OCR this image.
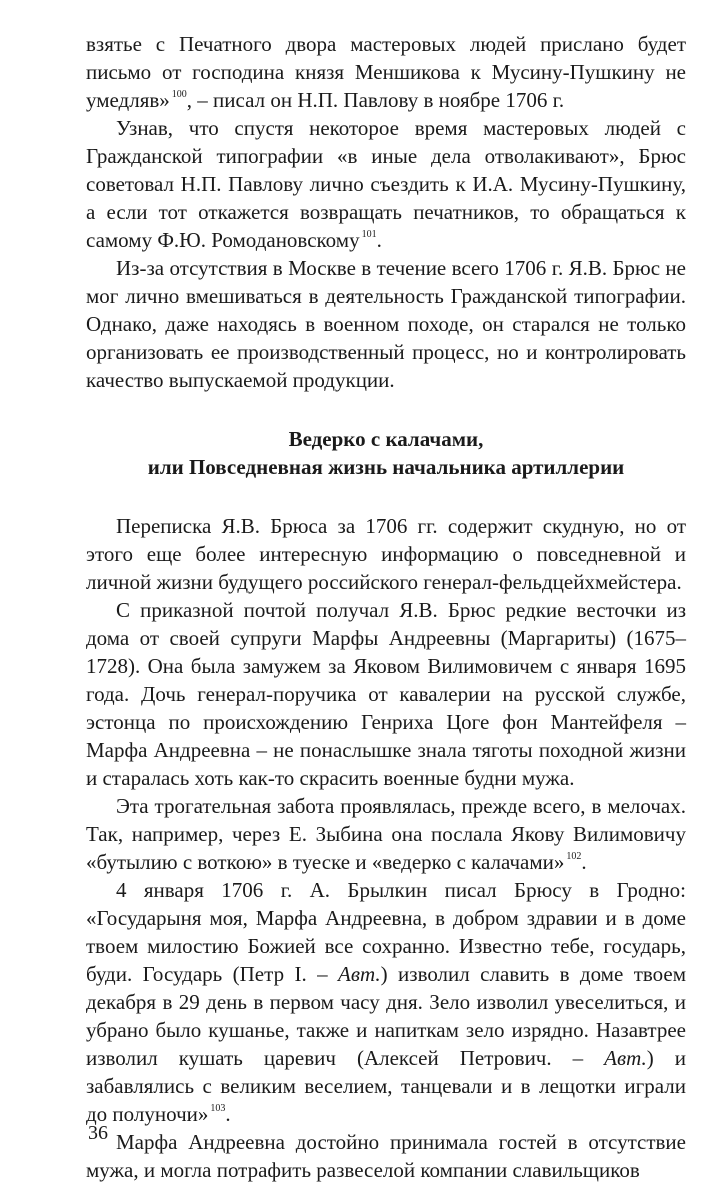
взятье с Печатного двора мастеровых людей прислано будет письмо от господина князя Меншикова к Мусину-Пушкину не умедляв» $^{100}$, – писал он Н.П. Павлову в ноябре 1706 г.

Узнав, что спустя некоторое время мастеровых людей с Гражданской типографии «в иные дела отволакивают», Брюс советовал Н.П. Павлову лично съездить к И.А. Мусину-Пушкину, а если тот откажется возвращать печатников, то обращаться к самому Ф.Ю. Ромодановскому $^{101}$.

Из-за отсутствия в Москве в течение всего 1706 г. Я.В. Брюс не мог лично вмешиваться в деятельность Гражданской типографии. Однако, даже находясь в военном походе, он старался не только организовать ее производственный процесс, но и контролировать качество выпускаемой продукции.

Ведерко с калачами,
или Повседневная жизнь начальника артиллерии

Переписка Я.В. Брюса за 1706 гг. содержит скудную, но от этого еще более интересную информацию о повседневной и личной жизни будущего российского генерал-фельдцейхмейстера.

С приказной почтой получал Я.В. Брюс редкие весточки из дома от своей супруги Марфы Андреевны (Маргариты) (1675–1728). Она была замужем за Яковом Вилимовичем с января 1695 года. Дочь генерал-поручика от кавалерии на русской службе, эстонца по происхождению Генриха Цоге фон Мантейфеля – Марфа Андреевна – не понаслышке знала тяготы походной жизни и старалась хоть как-то скрасить военные будни мужа.

Эта трогательная забота проявлялась, прежде всего, в мелочах. Так, например, через Е. Зыбина она послала Якову Вилимовичу «бутылию с воткою» в туеске и «ведерко с калачами» $^{102}$.

4 января 1706 г. А. Брылкин писал Брюсу в Гродно: «Государыня моя, Марфа Андреевна, в добром здравии и в доме твоем милостию Божией все сохранно. Известно тебе, государь, буди. Государь (Петр I. – Авт.) изволил славить в доме твоем декабря в 29 день в первом часу дня. Зело изволил увеселиться, и убрано было кушанье, также и напиткам зело изрядно. Назавтрее изволил кушать царевич (Алексей Петрович. – Авт.) и забавлялись с великим веселием, танцевали и в лещотки играли до полуночи» $^{103}$.

Марфа Андреевна достойно принимала гостей в отсутствие мужа, и могла потрафить развеселой компании славильщиков

36
